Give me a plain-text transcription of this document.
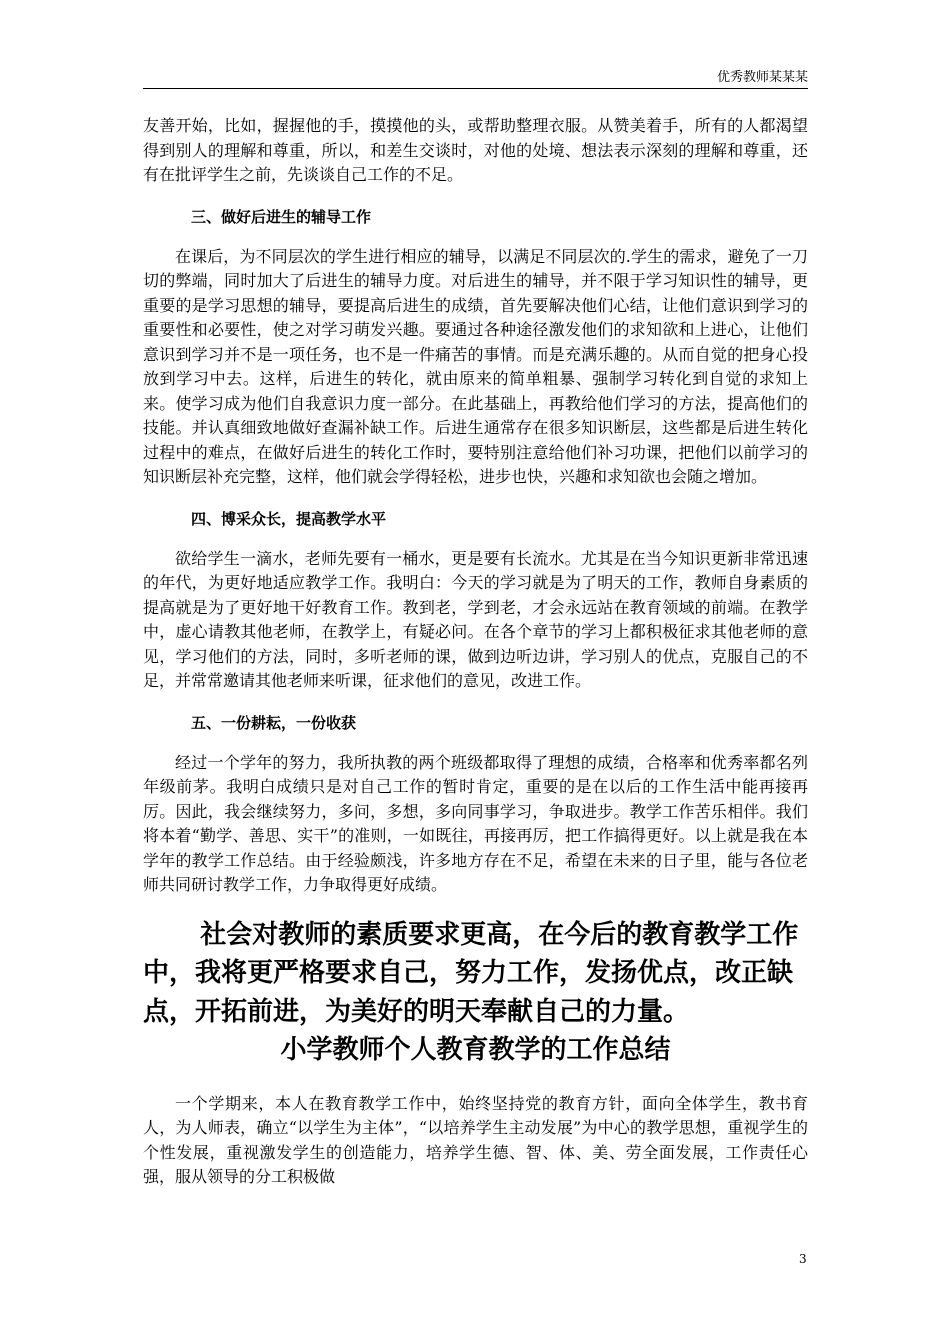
优秀教师某某某

友善开始，比如，握握他的手，摸摸他的头，或帮助整理衣服。从赞美着手，所有的人都渴望得到别人的理解和尊重，所以，和差生交谈时，对他的处境、想法表示深刻的理解和尊重，还有在批评学生之前，先谈谈自己工作的不足。

三、做好后进生的辅导工作

在课后，为不同层次的学生进行相应的辅导，以满足不同层次的.学生的需求，避免了一刀切的弊端，同时加大了后进生的辅导力度。对后进生的辅导，并不限于学习知识性的辅导，更重要的是学习思想的辅导，要提高后进生的成绩，首先要解决他们心结，让他们意识到学习的重要性和必要性，使之对学习萌发兴趣。要通过各种途径激发他们的求知欲和上进心，让他们意识到学习并不是一项任务，也不是一件痛苦的事情。而是充满乐趣的。从而自觉的把身心投放到学习中去。这样，后进生的转化，就由原来的简单粗暴、强制学习转化到自觉的求知上来。使学习成为他们自我意识力度一部分。在此基础上，再教给他们学习的方法，提高他们的技能。并认真细致地做好查漏补缺工作。后进生通常存在很多知识断层，这些都是后进生转化过程中的难点，在做好后进生的转化工作时，要特别注意给他们补习功课，把他们以前学习的知识断层补充完整，这样，他们就会学得轻松，进步也快，兴趣和求知欲也会随之增加。

四、博采众长，提高教学水平

欲给学生一滴水，老师先要有一桶水，更是要有长流水。尤其是在当今知识更新非常迅速的年代，为更好地适应教学工作。我明白：今天的学习就是为了明天的工作，教师自身素质的提高就是为了更好地干好教育工作。教到老，学到老，才会永远站在教育领域的前端。在教学中，虚心请教其他老师，在教学上，有疑必问。在各个章节的学习上都积极征求其他老师的意见，学习他们的方法，同时，多听老师的课，做到边听边讲，学习别人的优点，克服自己的不足，并常常邀请其他老师来听课，征求他们的意见，改进工作。

五、一份耕耘，一份收获

经过一个学年的努力，我所执教的两个班级都取得了理想的成绩，合格率和优秀率都名列年级前茅。我明白成绩只是对自己工作的暂时肯定，重要的是在以后的工作生活中能再接再厉。因此，我会继续努力，多问，多想，多向同事学习，争取进步。教学工作苦乐相伴。我们将本着“勤学、善思、实干”的准则，一如既往，再接再厉，把工作搞得更好。以上就是我在本学年的教学工作总结。由于经验颇浅，许多地方存在不足，希望在未来的日子里，能与各位老师共同研讨教学工作，力争取得更好成绩。

社会对教师的素质要求更高，在今后的教育教学工作中，我将更严格要求自己，努力工作，发扬优点，改正缺点，开拓前进，为美好的明天奉献自己的力量。

小学教师个人教育教学的工作总结

一个学期来，本人在教育教学工作中，始终坚持党的教育方针，面向全体学生，教书育人，为人师表，确立“以学生为主体”，“以培养学生主动发展”为中心的教学思想，重视学生的个性发展，重视激发学生的创造能力，培养学生德、智、体、美、劳全面发展，工作责任心强，服从领导的分工积极做

3
